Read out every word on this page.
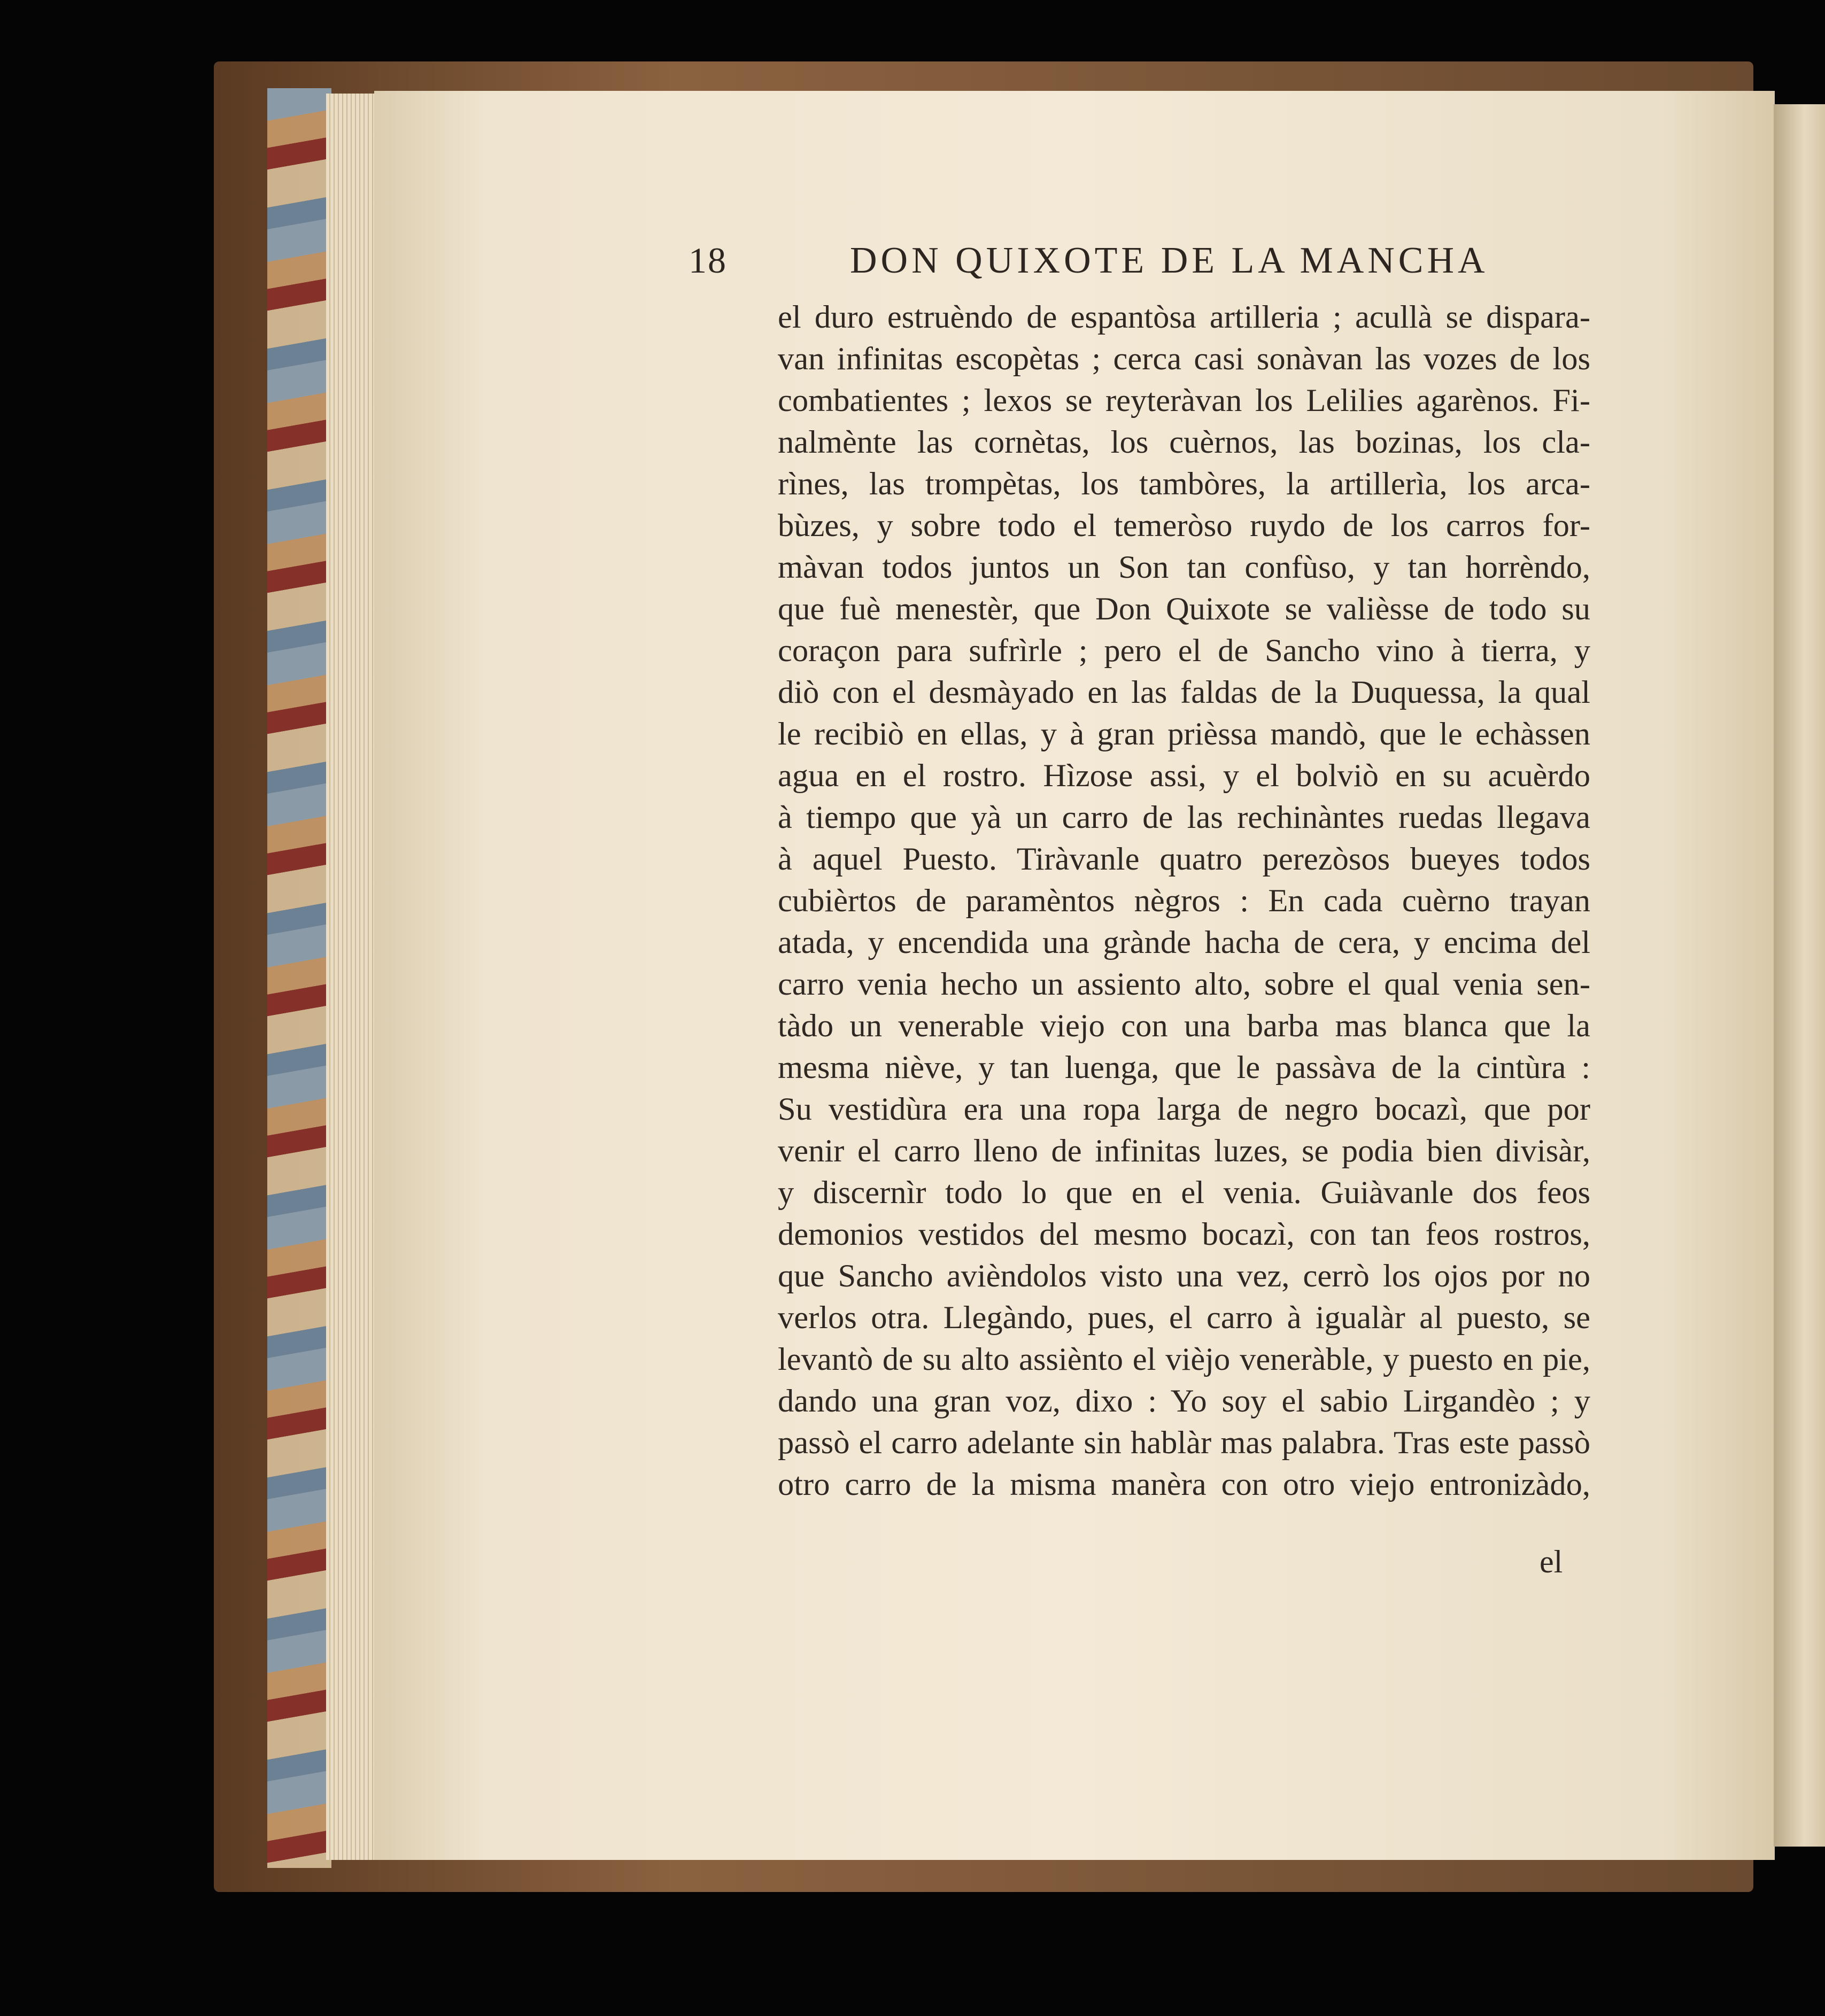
18	DON QUIXOTE DE LA MANCHA
el duro estruèndo de espantòsa artilleria ; acullà se dispara-
van infinitas escopètas ; cerca casi sonàvan las vozes de los
combatientes ; lexos se reyteràvan los Lelilies agarènos. Fi-
nalmènte las cornètas, los cuèrnos, las bozinas, los cla-
rìnes, las trompètas, los tambòres, la artillerìa, los arca-
bùzes, y sobre todo el temeròso ruydo de los carros for-
màvan todos juntos un Son tan confùso, y tan horrèndo,
que fuè menestèr, que Don Quixote se valièsse de todo su
coraçon para sufrìrle ; pero el de Sancho vino à tierra, y
diò con el desmàyado en las faldas de la Duquessa, la qual
le recibiò en ellas, y à gran prièssa mandò, que le echàssen
agua en el rostro. Hìzose assi, y el bolviò en su acuèrdo
à tiempo que yà un carro de las rechinàntes ruedas llegava
à aquel Puesto. Tiràvanle quatro perezòsos bueyes todos
cubièrtos de paramèntos nègros : En cada cuèrno trayan
atada, y encendida una grànde hacha de cera, y encima del
carro venia hecho un assiento alto, sobre el qual venia sen-
tàdo un venerable viejo con una barba mas blanca que la
mesma niève, y tan luenga, que le passàva de la cintùra :
Su vestidùra era una ropa larga de negro bocazì, que por
venir el carro lleno de infinitas luzes, se podia bien divisàr,
y discernìr todo lo que en el venia. Guiàvanle dos feos
demonios vestidos del mesmo bocazì, con tan feos rostros,
que Sancho avièndolos visto una vez, cerrò los ojos por no
verlos otra. Llegàndo, pues, el carro à igualàr al puesto, se
levantò de su alto assiènto el vièjo veneràble, y puesto en pie,
dando una gran voz, dixo : Yo soy el sabio Lirgandèo ; y
passò el carro adelante sin hablàr mas palabra. Tras este passò
otro carro de la misma manèra con otro viejo entronizàdo,
el
